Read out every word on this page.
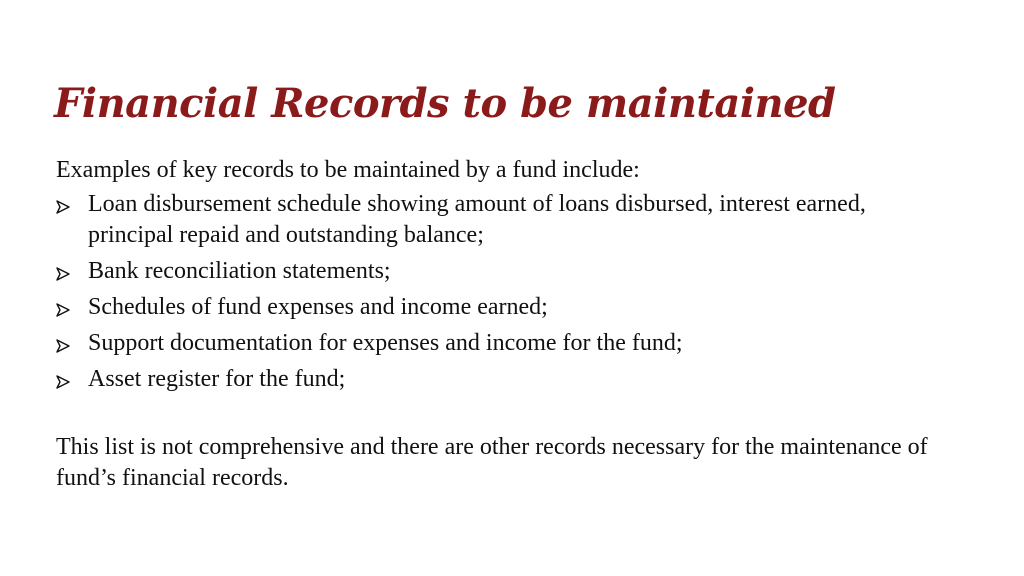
Financial Records to be maintained

Examples of key records to be maintained by a fund include:

Loan disbursement schedule showing amount of loans disbursed, interest earned, principal repaid and outstanding balance;
Bank reconciliation statements;
Schedules of fund expenses and income earned;
Support documentation for expenses and income for the fund;
Asset register for the fund;

This list is not comprehensive and there are other records necessary for the maintenance of fund’s financial records.
